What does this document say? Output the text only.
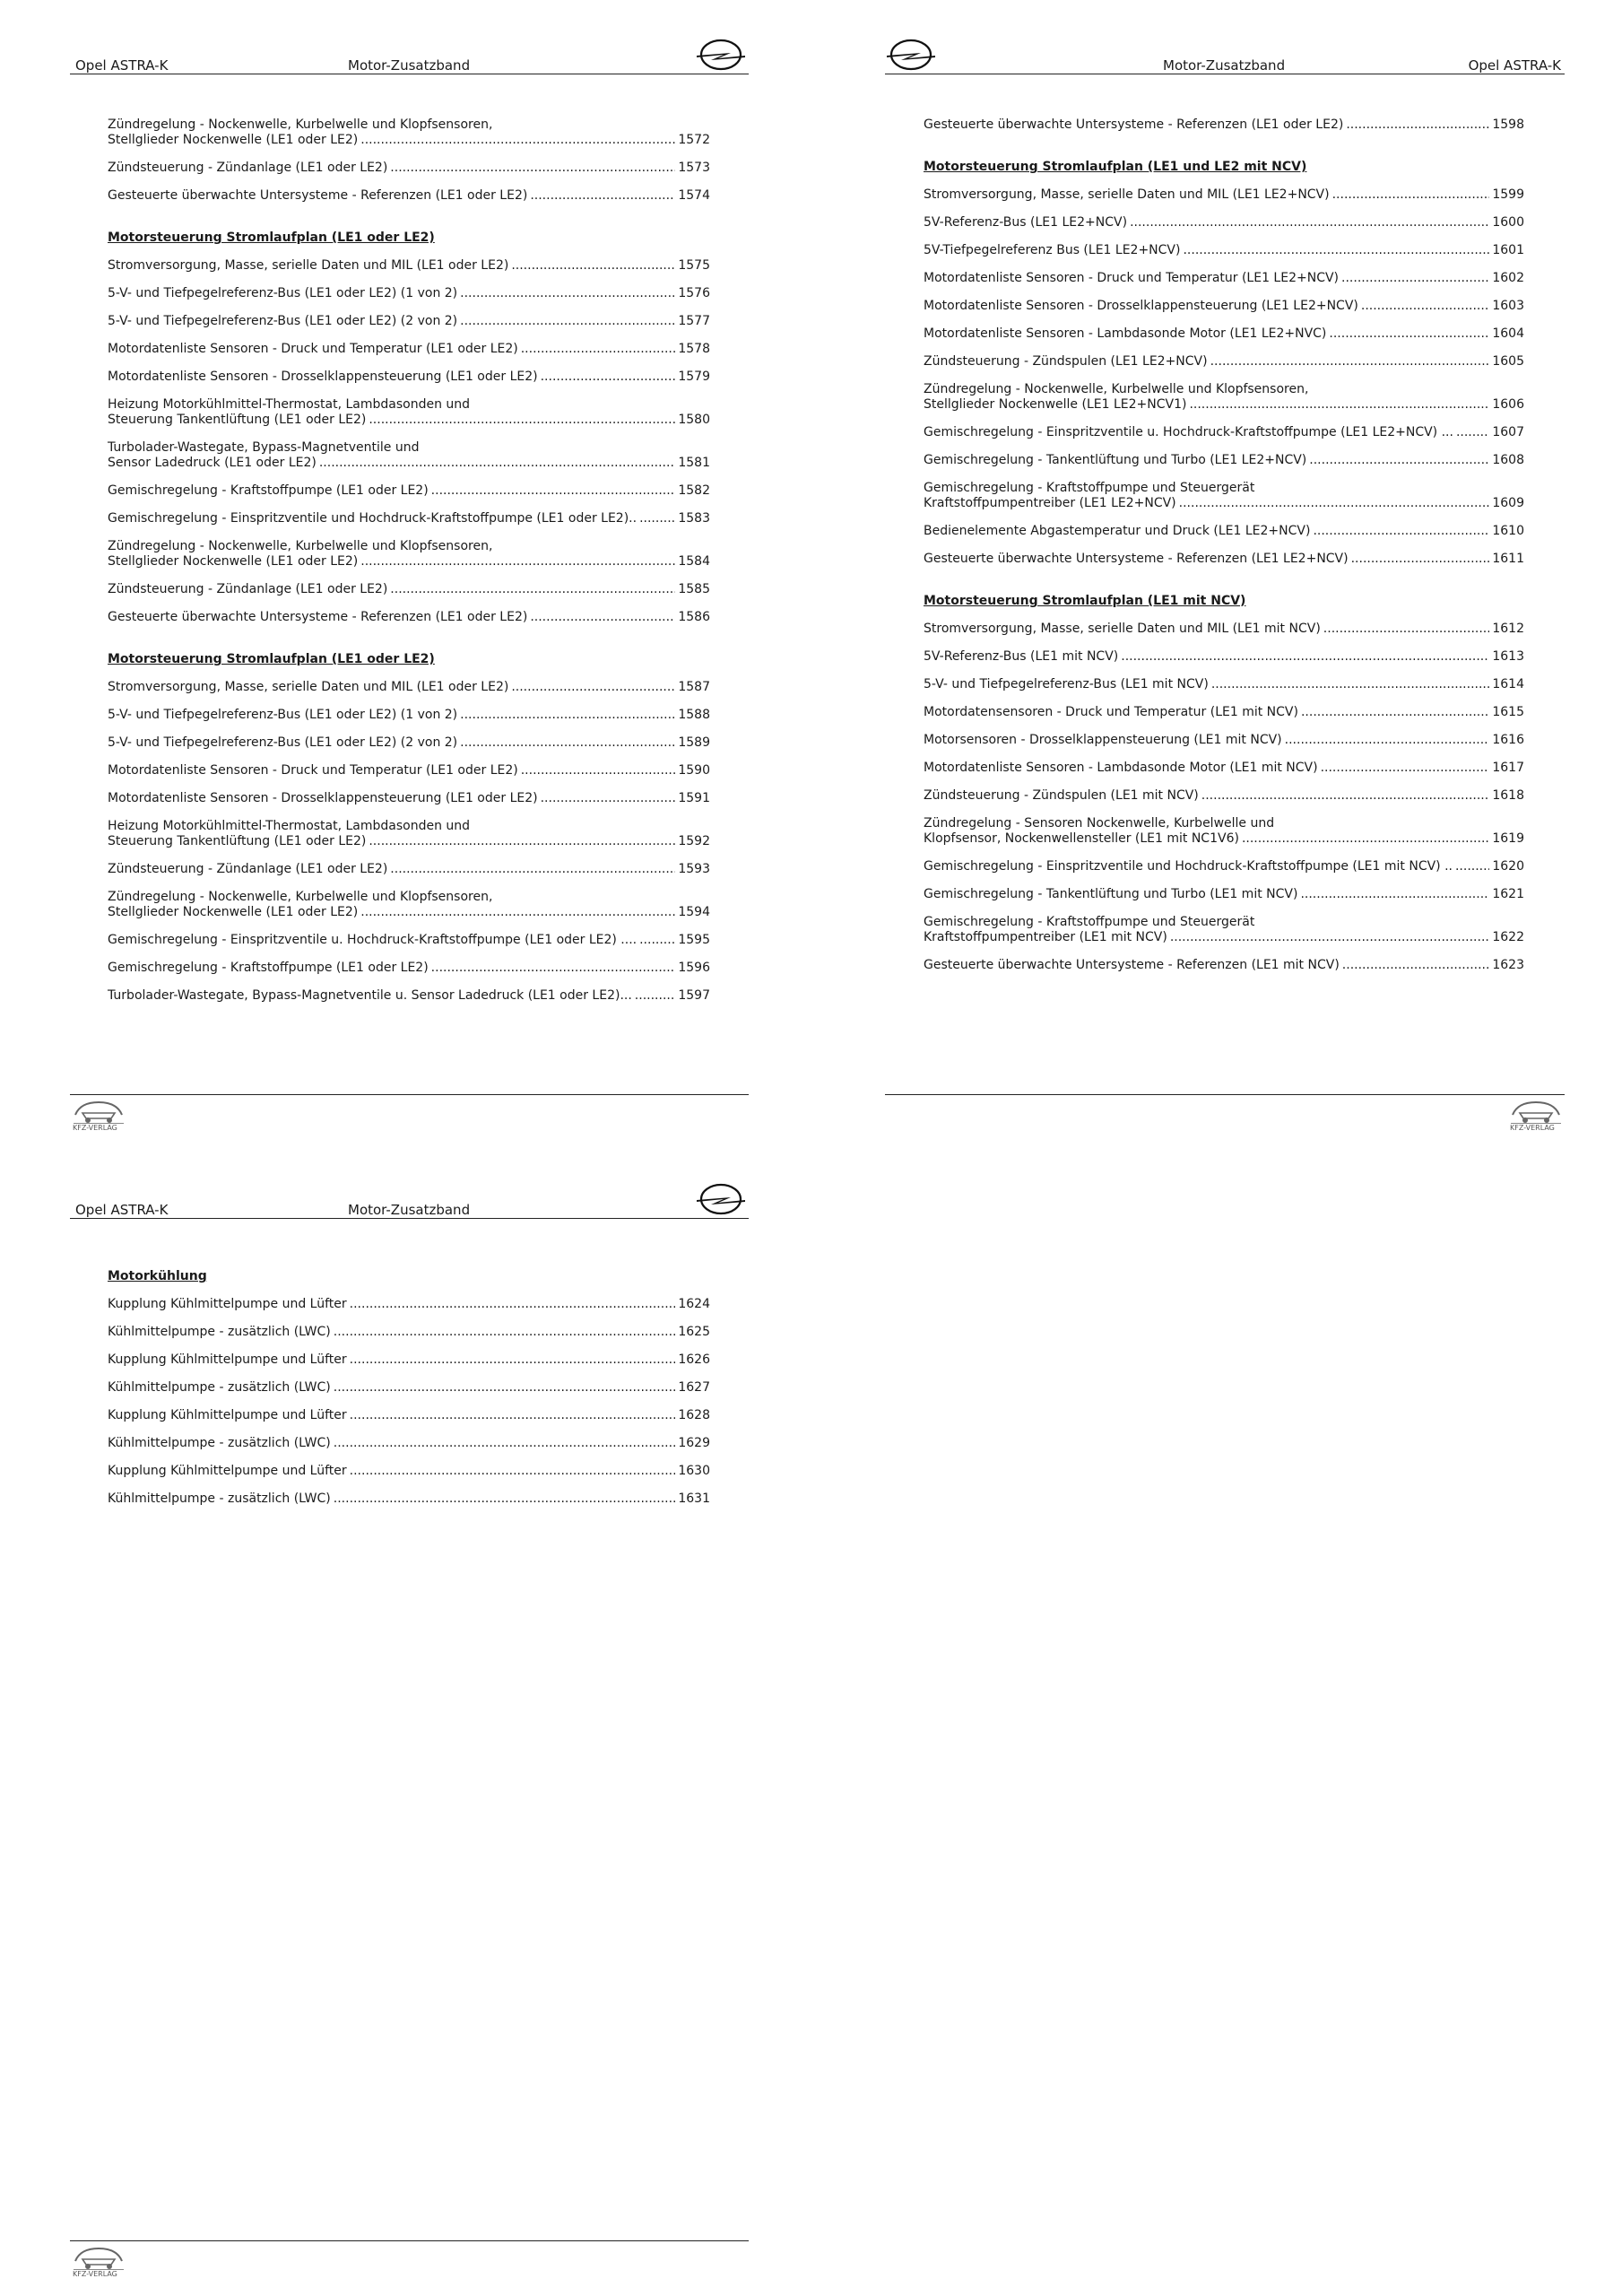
Opel ASTRA-K	Motor-Zusatzband
Zündregelung - Nockenwelle, Kurbelwelle und Klopfsensoren,
Stellglieder Nockenwelle (LE1 oder LE2) .....	1572
Zündsteuerung - Zündanlage (LE1 oder LE2) .....	1573
Gesteuerte überwachte Untersysteme - Referenzen (LE1 oder LE2) .....	1574
Motorsteuerung Stromlaufplan (LE1 oder LE2)
Stromversorgung, Masse, serielle Daten und MIL (LE1 oder LE2) .....	1575
5-V- und Tiefpegelreferenz-Bus (LE1 oder LE2) (1 von 2) .....	1576
5-V- und Tiefpegelreferenz-Bus (LE1 oder LE2) (2 von 2) .....	1577
Motordatenliste Sensoren - Druck und Temperatur (LE1 oder LE2) .....	1578
Motordatenliste Sensoren - Drosselklappensteuerung (LE1 oder LE2) .....	1579
Heizung Motorkühlmittel-Thermostat, Lambdasonden und
Steuerung Tankentlüftung (LE1 oder LE2) .....	1580
Turbolader-Wastegate, Bypass-Magnetventile und
Sensor Ladedruck (LE1 oder LE2) .....	1581
Gemischregelung - Kraftstoffpumpe (LE1 oder LE2) .....	1582
Gemischregelung - Einspritzventile und Hochdruck-Kraftstoffpumpe (LE1 oder LE2).. .....	1583
Zündregelung - Nockenwelle, Kurbelwelle und Klopfsensoren,
Stellglieder Nockenwelle (LE1 oder LE2) .....	1584
Zündsteuerung - Zündanlage (LE1 oder LE2) .....	1585
Gesteuerte überwachte Untersysteme - Referenzen (LE1 oder LE2) .....	1586
Motorsteuerung Stromlaufplan (LE1 oder LE2)
Stromversorgung, Masse, serielle Daten und MIL (LE1 oder LE2) .....	1587
5-V- und Tiefpegelreferenz-Bus (LE1 oder LE2) (1 von 2) .....	1588
5-V- und Tiefpegelreferenz-Bus (LE1 oder LE2) (2 von 2) .....	1589
Motordatenliste Sensoren - Druck und Temperatur (LE1 oder LE2) .....	1590
Motordatenliste Sensoren - Drosselklappensteuerung (LE1 oder LE2) .....	1591
Heizung Motorkühlmittel-Thermostat, Lambdasonden und
Steuerung Tankentlüftung (LE1 oder LE2) .....	1592
Zündsteuerung - Zündanlage (LE1 oder LE2) .....	1593
Zündregelung - Nockenwelle, Kurbelwelle und Klopfsensoren,
Stellglieder Nockenwelle (LE1 oder LE2) .....	1594
Gemischregelung - Einspritzventile u. Hochdruck-Kraftstoffpumpe (LE1 oder LE2) .... .....	1595
Gemischregelung - Kraftstoffpumpe (LE1 oder LE2) .....	1596
Turbolader-Wastegate, Bypass-Magnetventile u. Sensor Ladedruck (LE1 oder LE2)... .....	1597
KFZ-VERLAG
Motor-Zusatzband	Opel ASTRA-K
Gesteuerte überwachte Untersysteme - Referenzen (LE1 oder LE2) .....	1598
Motorsteuerung Stromlaufplan (LE1 und LE2 mit NCV)
Stromversorgung, Masse, serielle Daten und MIL (LE1 LE2+NCV) .....	1599
5V-Referenz-Bus (LE1 LE2+NCV) .....	1600
5V-Tiefpegelreferenz Bus (LE1 LE2+NCV) .....	1601
Motordatenliste Sensoren - Druck und Temperatur (LE1 LE2+NCV) .....	1602
Motordatenliste Sensoren - Drosselklappensteuerung (LE1 LE2+NCV) .....	1603
Motordatenliste Sensoren - Lambdasonde Motor (LE1 LE2+NVC) .....	1604
Zündsteuerung - Zündspulen (LE1 LE2+NCV) .....	1605
Zündregelung - Nockenwelle, Kurbelwelle und Klopfsensoren,
Stellglieder Nockenwelle (LE1 LE2+NCV1) .....	1606
Gemischregelung - Einspritzventile u. Hochdruck-Kraftstoffpumpe (LE1 LE2+NCV) ... .....	1607
Gemischregelung - Tankentlüftung und Turbo (LE1 LE2+NCV) .....	1608
Gemischregelung - Kraftstoffpumpe und Steuergerät
Kraftstoffpumpentreiber (LE1 LE2+NCV) .....	1609
Bedienelemente Abgastemperatur und Druck (LE1 LE2+NCV) .....	1610
Gesteuerte überwachte Untersysteme - Referenzen (LE1 LE2+NCV) .....	1611
Motorsteuerung Stromlaufplan (LE1 mit NCV)
Stromversorgung, Masse, serielle Daten und MIL (LE1 mit NCV) .....	1612
5V-Referenz-Bus (LE1 mit NCV) .....	1613
5-V- und Tiefpegelreferenz-Bus (LE1 mit NCV) .....	1614
Motordatensensoren - Druck und Temperatur (LE1 mit NCV) .....	1615
Motorsensoren - Drosselklappensteuerung (LE1 mit NCV) .....	1616
Motordatenliste Sensoren - Lambdasonde Motor (LE1 mit NCV) .....	1617
Zündsteuerung - Zündspulen (LE1 mit NCV) .....	1618
Zündregelung - Sensoren Nockenwelle, Kurbelwelle und
Klopfsensor, Nockenwellensteller (LE1 mit NC1V6) .....	1619
Gemischregelung - Einspritzventile und Hochdruck-Kraftstoffpumpe (LE1 mit NCV) .. .....	1620
Gemischregelung - Tankentlüftung und Turbo (LE1 mit NCV) .....	1621
Gemischregelung - Kraftstoffpumpe und Steuergerät
Kraftstoffpumpentreiber (LE1 mit NCV) .....	1622
Gesteuerte überwachte Untersysteme - Referenzen (LE1 mit NCV) .....	1623
KFZ-VERLAG
Opel ASTRA-K	Motor-Zusatzband
Motorkühlung
Kupplung Kühlmittelpumpe und Lüfter .....	1624
Kühlmittelpumpe - zusätzlich (LWC) .....	1625
Kupplung Kühlmittelpumpe und Lüfter .....	1626
Kühlmittelpumpe - zusätzlich (LWC) .....	1627
Kupplung Kühlmittelpumpe und Lüfter .....	1628
Kühlmittelpumpe - zusätzlich (LWC) .....	1629
Kupplung Kühlmittelpumpe und Lüfter .....	1630
Kühlmittelpumpe - zusätzlich (LWC) .....	1631
KFZ-VERLAG
